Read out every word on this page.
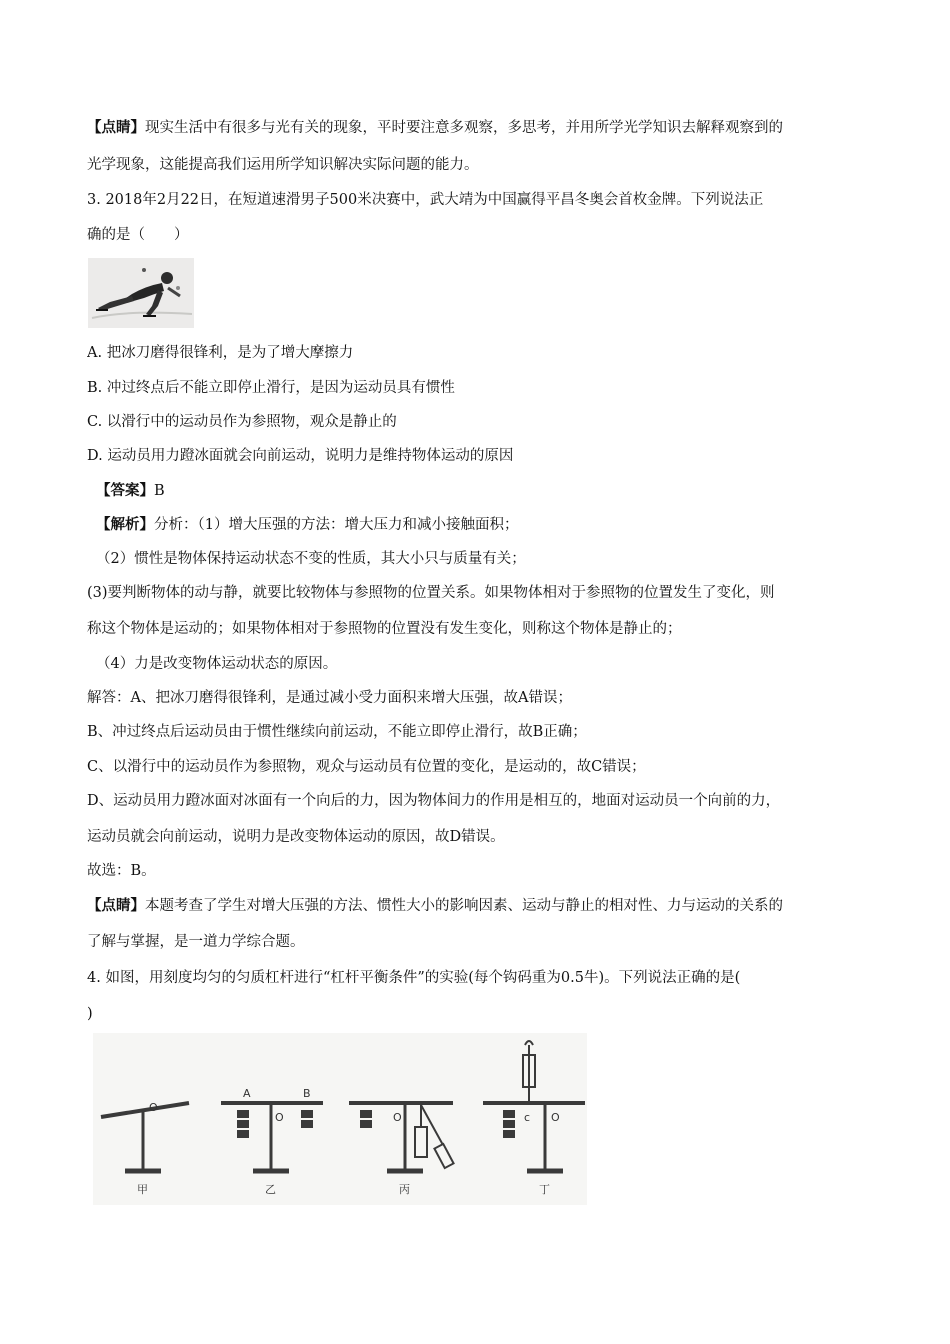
【点睛】现实生活中有很多与光有关的现象，平时要注意多观察，多思考，并用所学光学知识去解释观察到的
光学现象，这能提高我们运用所学知识解决实际问题的能力。
3. 2018年2月22日，在短道速滑男子500米决赛中，武大靖为中国赢得平昌冬奥会首枚金牌。下列说法正
确的是（　　）
A. 把冰刀磨得很锋利，是为了增大摩擦力
B. 冲过终点后不能立即停止滑行，是因为运动员具有惯性
C. 以滑行中的运动员作为参照物，观众是静止的
D. 运动员用力蹬冰面就会向前运动，说明力是维持物体运动的原因
【答案】B
【解析】分析：（1）增大压强的方法：增大压力和减小接触面积；
（2）惯性是物体保持运动状态不变的性质，其大小只与质量有关；
(3)要判断物体的动与静，就要比较物体与参照物的位置关系。如果物体相对于参照物的位置发生了变化，则
称这个物体是运动的；如果物体相对于参照物的位置没有发生变化，则称这个物体是静止的；
（4）力是改变物体运动状态的原因。
解答：A、把冰刀磨得很锋利，是通过减小受力面积来增大压强，故A错误；
B、冲过终点后运动员由于惯性继续向前运动，不能立即停止滑行，故B正确；
C、以滑行中的运动员作为参照物，观众与运动员有位置的变化，是运动的，故C错误；
D、运动员用力蹬冰面对冰面有一个向后的力，因为物体间力的作用是相互的，地面对运动员一个向前的力，
运动员就会向前运动，说明力是改变物体运动的原因，故D错误。
故选：B。
【点睛】本题考查了学生对增大压强的方法、惯性大小的影响因素、运动与静止的相对性、力与运动的关系的
了解与掌握，是一道力学综合题。
4. 如图，用刻度均匀的匀质杠杆进行“杠杆平衡条件”的实验(每个钩码重为0.5牛)。下列说法正确的是(
)
O
A	B
O	O	c O
甲	乙	丙	丁
